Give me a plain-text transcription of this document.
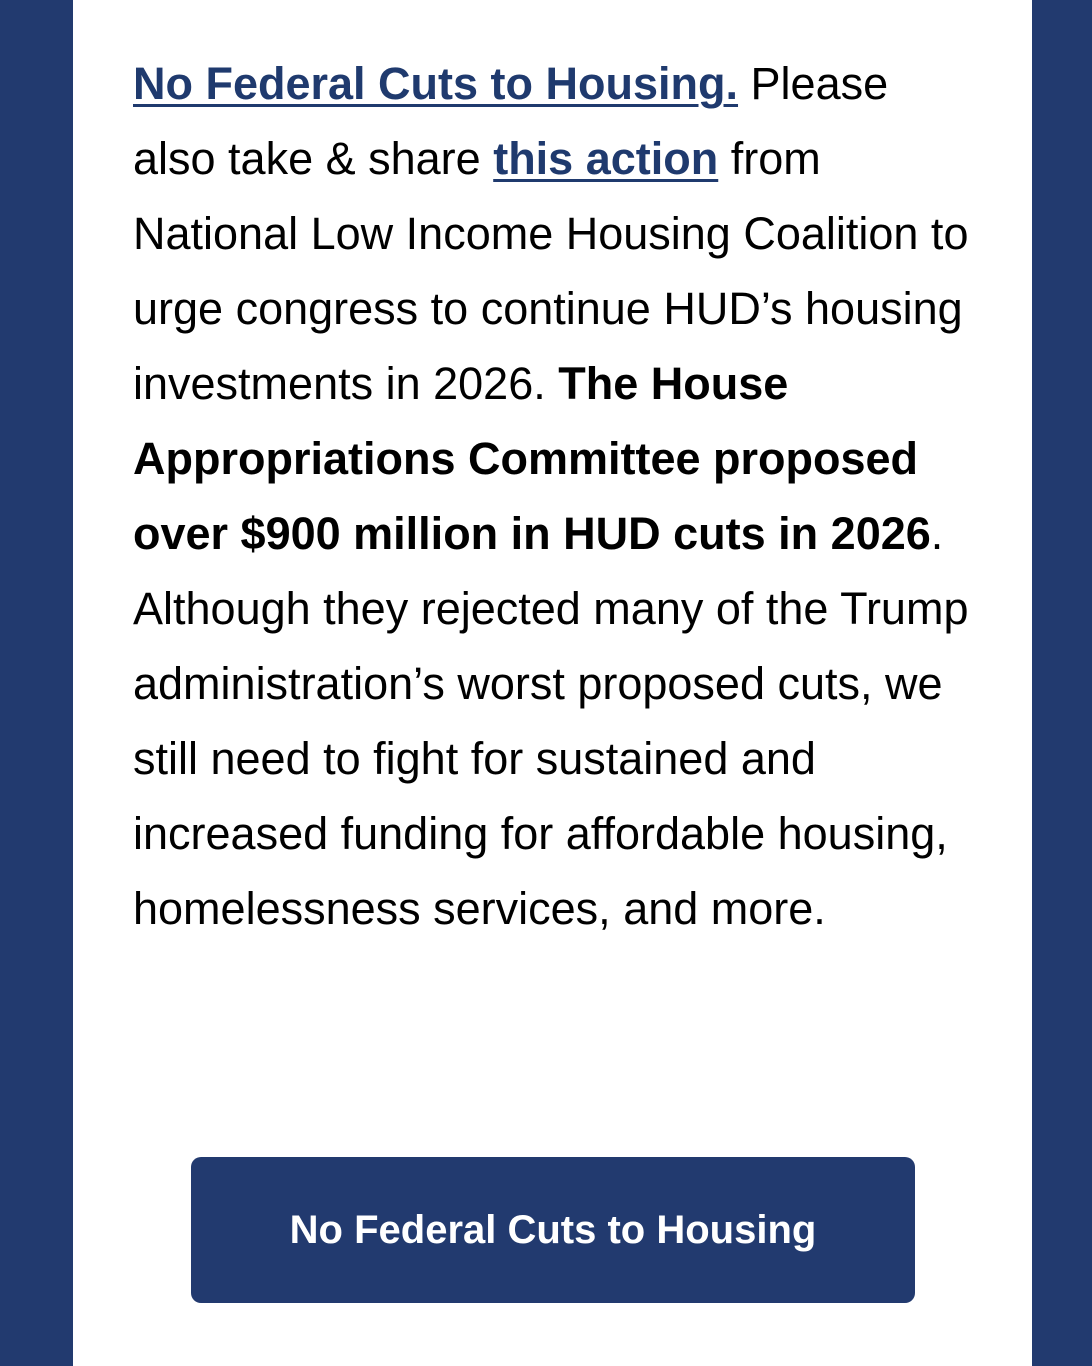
No Federal Cuts to Housing. Please also take & share this action from National Low Income Housing Coalition to urge congress to continue HUD’s housing investments in 2026. The House Appropriations Committee proposed over $900 million in HUD cuts in 2026. Although they rejected many of the Trump administration’s worst proposed cuts, we still need to fight for sustained and increased funding for affordable housing, homelessness services, and more.

No Federal Cuts to Housing
